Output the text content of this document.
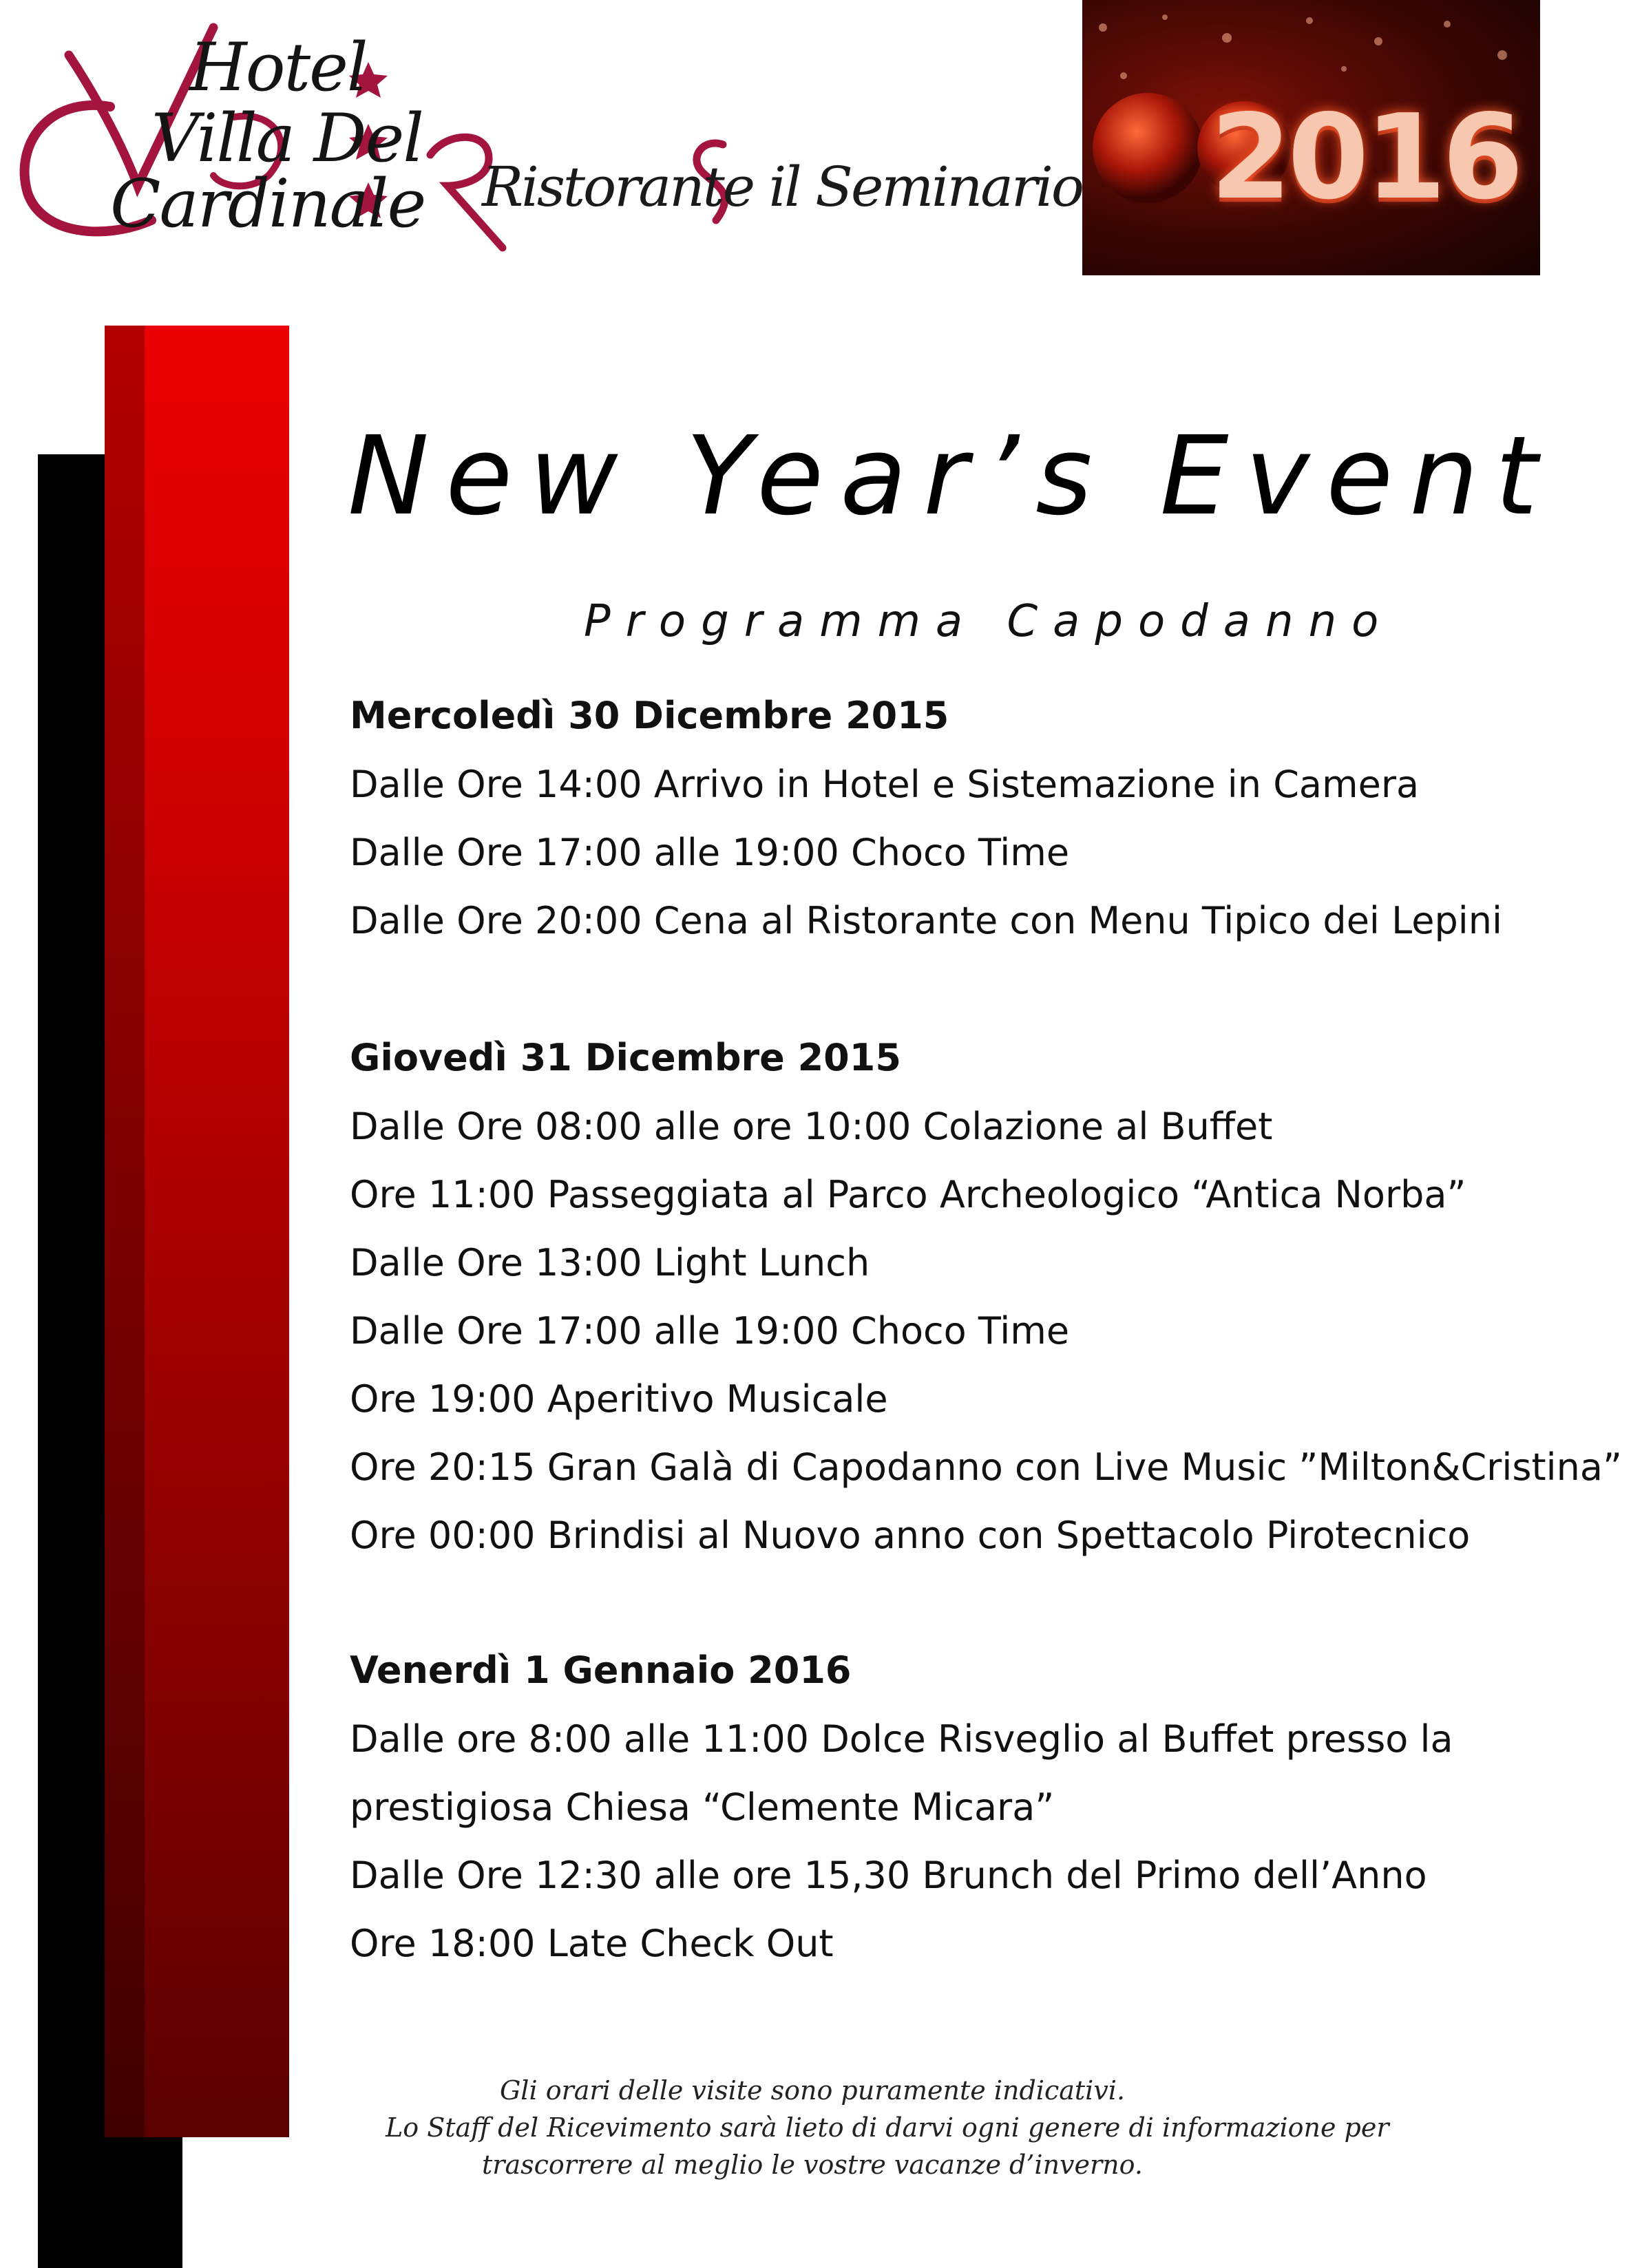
Hotel
Villa Del
Cardinale Ristorante il Seminario 2016
New Year’s Event
Programma Capodanno
Mercoledì 30 Dicembre 2015
Dalle Ore 14:00 Arrivo in Hotel e Sistemazione in Camera
Dalle Ore 17:00 alle 19:00 Choco Time
Dalle Ore 20:00 Cena al Ristorante con Menu Tipico dei Lepini
Giovedì 31 Dicembre 2015
Dalle Ore 08:00 alle ore 10:00 Colazione al Buffet
Ore 11:00 Passeggiata al Parco Archeologico “Antica Norba”
Dalle Ore 13:00 Light Lunch
Dalle Ore 17:00 alle 19:00 Choco Time
Ore 19:00 Aperitivo Musicale
Ore 20:15 Gran Galà di Capodanno con Live Music ”Milton&Cristina”
Ore 00:00 Brindisi al Nuovo anno con Spettacolo Pirotecnico
Venerdì 1 Gennaio 2016
Dalle ore 8:00 alle 11:00 Dolce Risveglio al Buffet presso la
prestigiosa Chiesa “Clemente Micara”
Dalle Ore 12:30 alle ore 15,30 Brunch del Primo dell’Anno
Ore 18:00 Late Check Out
Gli orari delle visite sono puramente indicativi.
Lo Staff del Ricevimento sarà lieto di darvi ogni genere di informazione per
trascorrere al meglio le vostre vacanze d’inverno.
